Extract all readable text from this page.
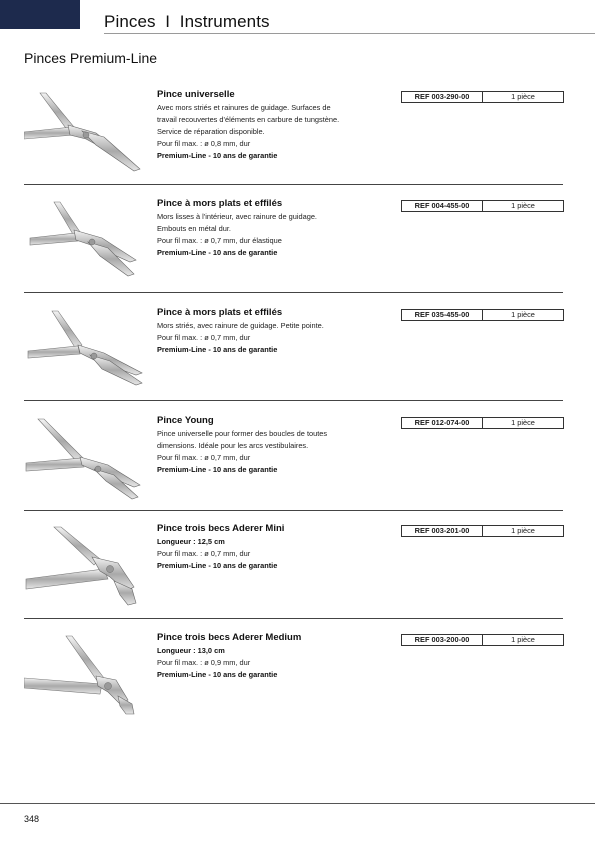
Pinces  I  Instruments
Pinces Premium-Line
Pince universelle
Avec mors striés et rainures de guidage. Surfaces de
travail recouvertes d'éléments en carbure de tungstène.
Service de réparation disponible.
Pour fil max. : ø 0,8 mm, dur
Premium-Line - 10 ans de garantie
REF 003-290-00	1 pièce
Pince à mors plats et effilés
Mors lisses à l'intérieur, avec rainure de guidage.
Embouts en métal dur.
Pour fil max. : ø 0,7 mm, dur élastique
Premium-Line - 10 ans de garantie
REF 004-455-00	1 pièce
Pince à mors plats et effilés
Mors striés, avec rainure de guidage. Petite pointe.
Pour fil max. : ø 0,7 mm, dur
Premium-Line - 10 ans de garantie
REF 035-455-00	1 pièce
Pince Young
Pince universelle pour former des boucles de toutes
dimensions. Idéale pour les arcs vestibulaires.
Pour fil max. : ø 0,7 mm, dur
Premium-Line - 10 ans de garantie
REF 012-074-00	1 pièce
Pince trois becs Aderer Mini
Longueur : 12,5 cm
Pour fil max. : ø 0,7 mm, dur
Premium-Line - 10 ans de garantie
REF 003-201-00	1 pièce
Pince trois becs Aderer Medium
Longueur : 13,0 cm
Pour fil max. : ø 0,9 mm, dur
Premium-Line - 10 ans de garantie
REF 003-200-00	1 pièce
348
